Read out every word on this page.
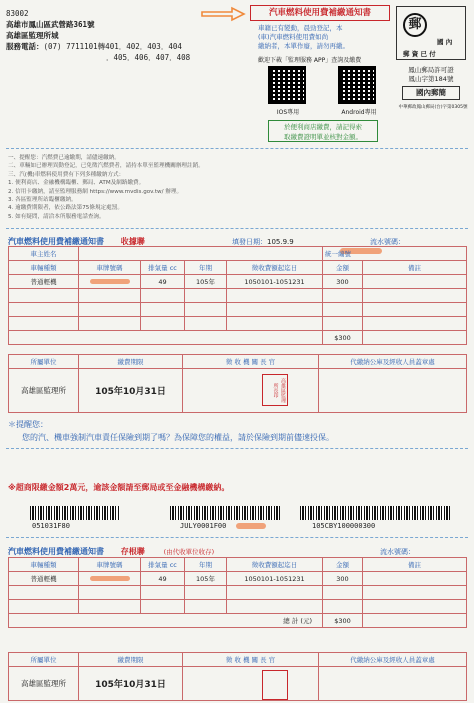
83002
高雄市鳳山區武營路361號
高雄區監理所城
服務電話：(07) 7711101轉401．402．403．404
．405．406．407．408
汽車燃料使用費補繳通知書
車籍已有變動，晨勁登記，本
(車)汽車燃料使用費如尚
繳納者，本單作廢，請勿再繳。
歡迎下載「監理服務 APP」查詢及繳費
IOS專用	Android專用
於便利商店繳費，請記得索
取繳費證明單並核對金額。
郵
國 內
郵 資 已 付
鳳山郵局許可證
鳳山字第184號
國內郵簡
中華郵政鳳山郵局(台)字第0305號
一、提醒您：汽燃費已逾繳期，請儘速繳納。
二、車輛如已辦理異動登記，已免徵汽燃費者，請持本單至監理機關辦理註銷。
三、汽(機)車燃料使用費有下列多種繳納方式：
1. 便利商店、金融機構臨櫃、郵局、ATM及網路繳費。
2. 信用卡繳納，請至監理服務網 https://www.mvdis.gov.tw/ 辦理。
3. 各區監理所站臨櫃繳納。
4. 逾繳費期限者，依公路法第75條規定處罰。
5. 如有疑問，請洽本所服務電話查詢。
汽車燃料使用費補繳通知書 收據聯	填發日期：105.9.9	流水號碼：
車主姓名					統一編號	
車輛種類	車牌號碼	排氣量 cc	年期	徵收費額起迄日	金額	備註
普通輕機		49	105年	1050101-1051231	300	

					$300	
所屬單位	繳費期限	徵 收 機 關 長 官	代繳納公庫及經收人員蓋章處
高雄區監理所	105年10月31日			高雄區監理所長印
＊提醒您：
您的汽、機車強制汽車責任保險到期了嗎？為保障您的權益，請於保險到期前儘速投保。
※超商限繳金額2萬元，逾該金額請至郵局或至金融機構繳納。
051031F80	JULY0001F00	105CBY100000300
汽車燃料使用費補繳通知書 存根聯	(由代收單位收存)	流水號碼：
車輛種類	車牌號碼	排氣量 cc	年期	徵收費額起迄日	金額	備註
普通輕機		49	105年	1050101-1051231	300	

總 計 (元)					$300	
所屬單位	繳費期限	徵 收 機 關 長 官	代繳納公庫及經收人員蓋章處
高雄區監理所	105年10月31日		
